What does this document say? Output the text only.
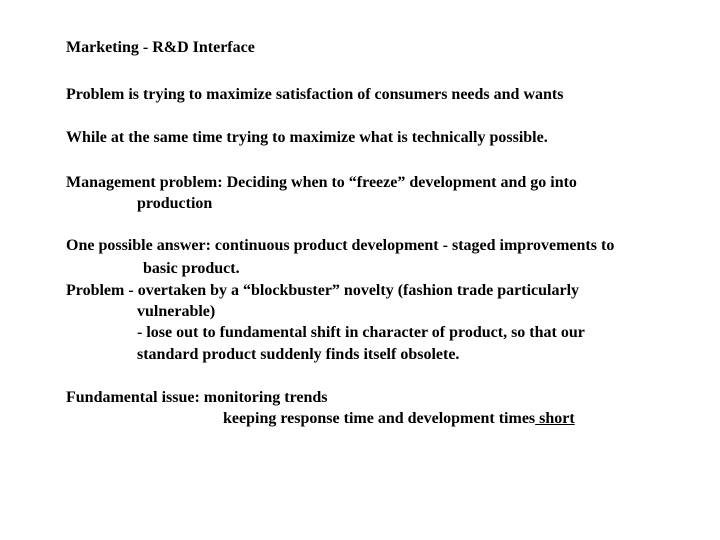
Marketing - R&D Interface
Problem is trying to maximize satisfaction of consumers needs and wants
While at the same time trying to maximize what is technically possible.
Management problem: Deciding when to “freeze” development and go into
production
One possible answer: continuous product development - staged improvements to
basic product.
Problem - overtaken by a “blockbuster” novelty (fashion trade particularly
vulnerable)
- lose out to fundamental shift in character of product, so that our
standard product suddenly finds itself obsolete.
Fundamental issue: monitoring trends
keeping response time and development times short
